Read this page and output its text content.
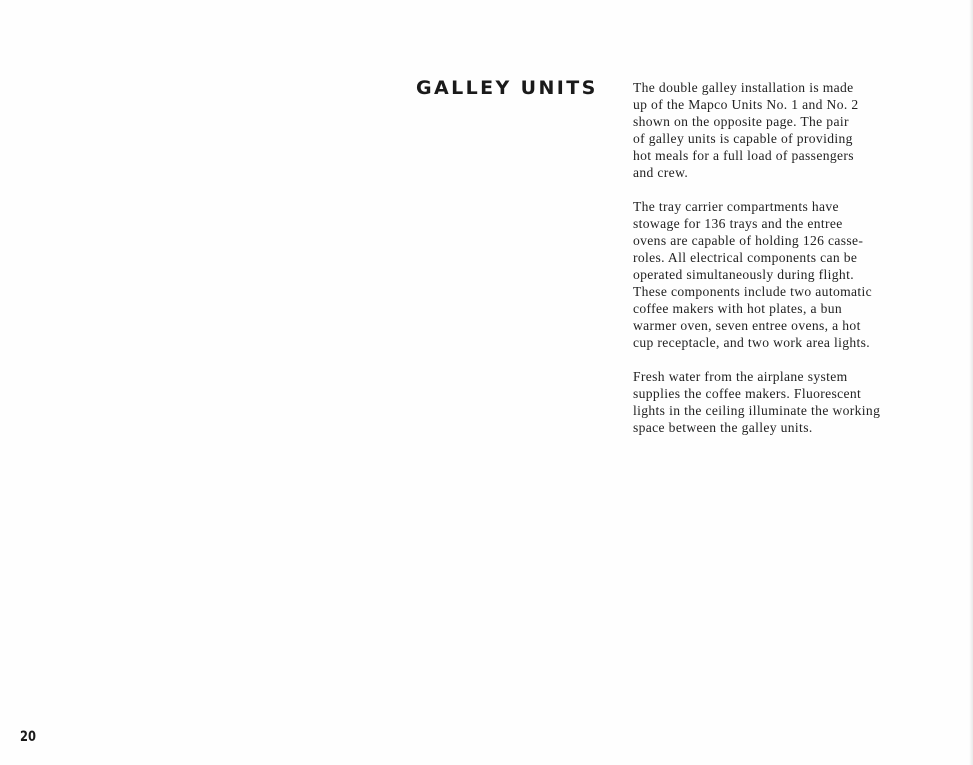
GALLEY UNITS	The double galley installation is made
up of the Mapco Units No. 1 and No. 2
shown on the opposite page. The pair
of galley units is capable of providing
hot meals for a full load of passengers
and crew.

The tray carrier compartments have
stowage for 136 trays and the entree
ovens are capable of holding 126 casse-
roles. All electrical components can be
operated simultaneously during flight.
These components include two automatic
coffee makers with hot plates, a bun
warmer oven, seven entree ovens, a hot
cup receptacle, and two work area lights.

Fresh water from the airplane system
supplies the coffee makers. Fluorescent
lights in the ceiling illuminate the working
space between the galley units.

20
